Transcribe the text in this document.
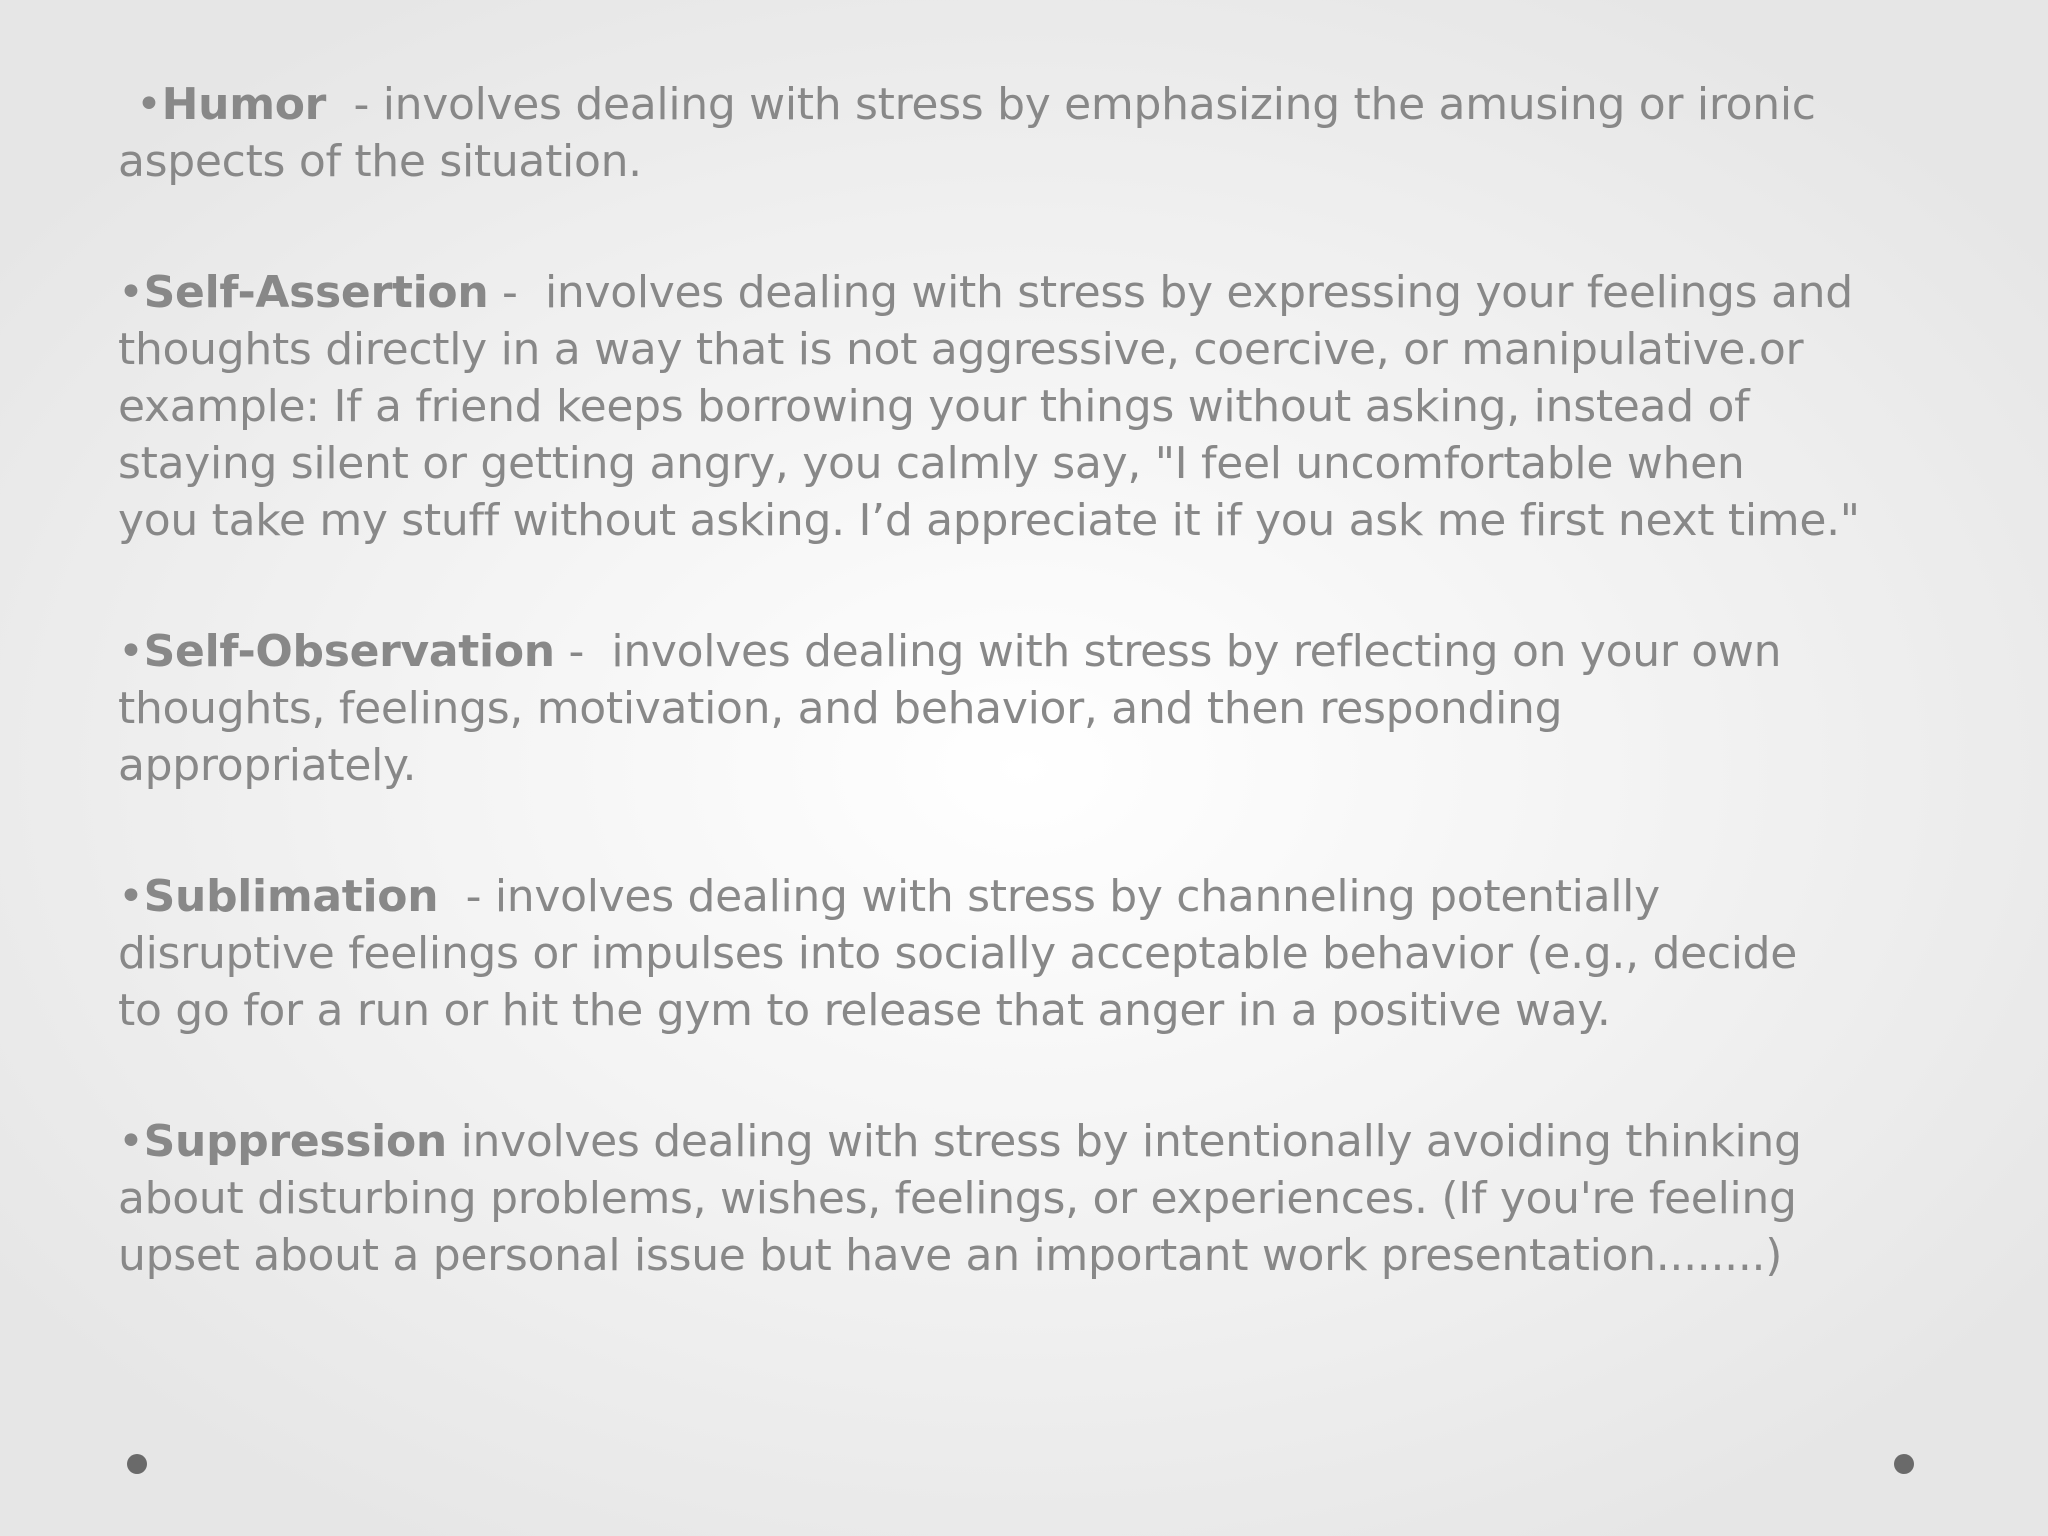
•Humor  - involves dealing with stress by emphasizing the amusing or ironic
aspects of the situation.
•Self-Assertion -  involves dealing with stress by expressing your feelings and
thoughts directly in a way that is not aggressive, coercive, or manipulative.or
example: If a friend keeps borrowing your things without asking, instead of
staying silent or getting angry, you calmly say, "I feel uncomfortable when
you take my stuff without asking. I’d appreciate it if you ask me first next time."
•Self-Observation -  involves dealing with stress by reflecting on your own
thoughts, feelings, motivation, and behavior, and then responding
appropriately.
•Sublimation  - involves dealing with stress by channeling potentially
disruptive feelings or impulses into socially acceptable behavior (e.g., decide
to go for a run or hit the gym to release that anger in a positive way.
•Suppression involves dealing with stress by intentionally avoiding thinking
about disturbing problems, wishes, feelings, or experiences. (If you're feeling
upset about a personal issue but have an important work presentation........)
